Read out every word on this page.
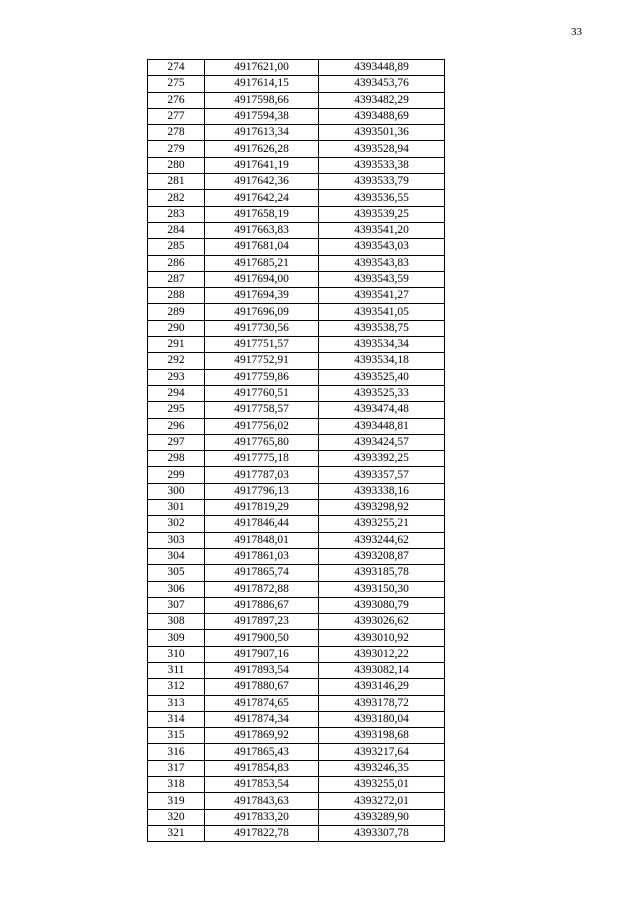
33
274	4917621,00	4393448,89
275	4917614,15	4393453,76
276	4917598,66	4393482,29
277	4917594,38	4393488,69
278	4917613,34	4393501,36
279	4917626,28	4393528,94
280	4917641,19	4393533,38
281	4917642,36	4393533,79
282	4917642,24	4393536,55
283	4917658,19	4393539,25
284	4917663,83	4393541,20
285	4917681,04	4393543,03
286	4917685,21	4393543,83
287	4917694,00	4393543,59
288	4917694,39	4393541,27
289	4917696,09	4393541,05
290	4917730,56	4393538,75
291	4917751,57	4393534,34
292	4917752,91	4393534,18
293	4917759,86	4393525,40
294	4917760,51	4393525,33
295	4917758,57	4393474,48
296	4917756,02	4393448,81
297	4917765,80	4393424,57
298	4917775,18	4393392,25
299	4917787,03	4393357,57
300	4917796,13	4393338,16
301	4917819,29	4393298,92
302	4917846,44	4393255,21
303	4917848,01	4393244,62
304	4917861,03	4393208,87
305	4917865,74	4393185,78
306	4917872,88	4393150,30
307	4917886,67	4393080,79
308	4917897,23	4393026,62
309	4917900,50	4393010,92
310	4917907,16	4393012,22
311	4917893,54	4393082,14
312	4917880,67	4393146,29
313	4917874,65	4393178,72
314	4917874,34	4393180,04
315	4917869,92	4393198,68
316	4917865,43	4393217,64
317	4917854,83	4393246,35
318	4917853,54	4393255,01
319	4917843,63	4393272,01
320	4917833,20	4393289,90
321	4917822,78	4393307,78
